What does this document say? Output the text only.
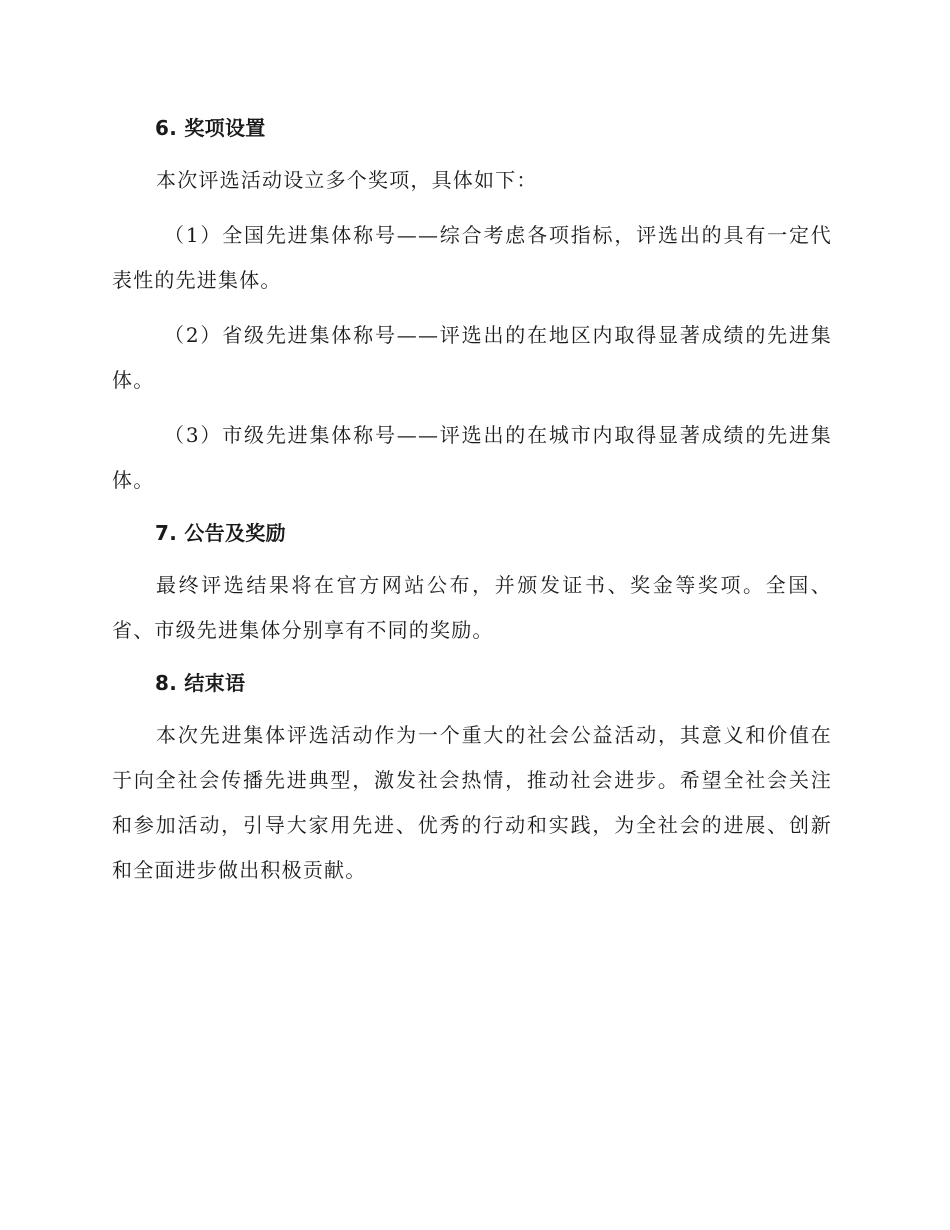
6. 奖项设置

本次评选活动设立多个奖项，具体如下：

（1）全国先进集体称号——综合考虑各项指标，评选出的具有一定代表性的先进集体。

（2）省级先进集体称号——评选出的在地区内取得显著成绩的先进集体。

（3）市级先进集体称号——评选出的在城市内取得显著成绩的先进集体。

7. 公告及奖励

最终评选结果将在官方网站公布，并颁发证书、奖金等奖项。全国、省、市级先进集体分别享有不同的奖励。

8. 结束语

本次先进集体评选活动作为一个重大的社会公益活动，其意义和价值在于向全社会传播先进典型，激发社会热情，推动社会进步。希望全社会关注和参加活动，引导大家用先进、优秀的行动和实践，为全社会的进展、创新和全面进步做出积极贡献。
